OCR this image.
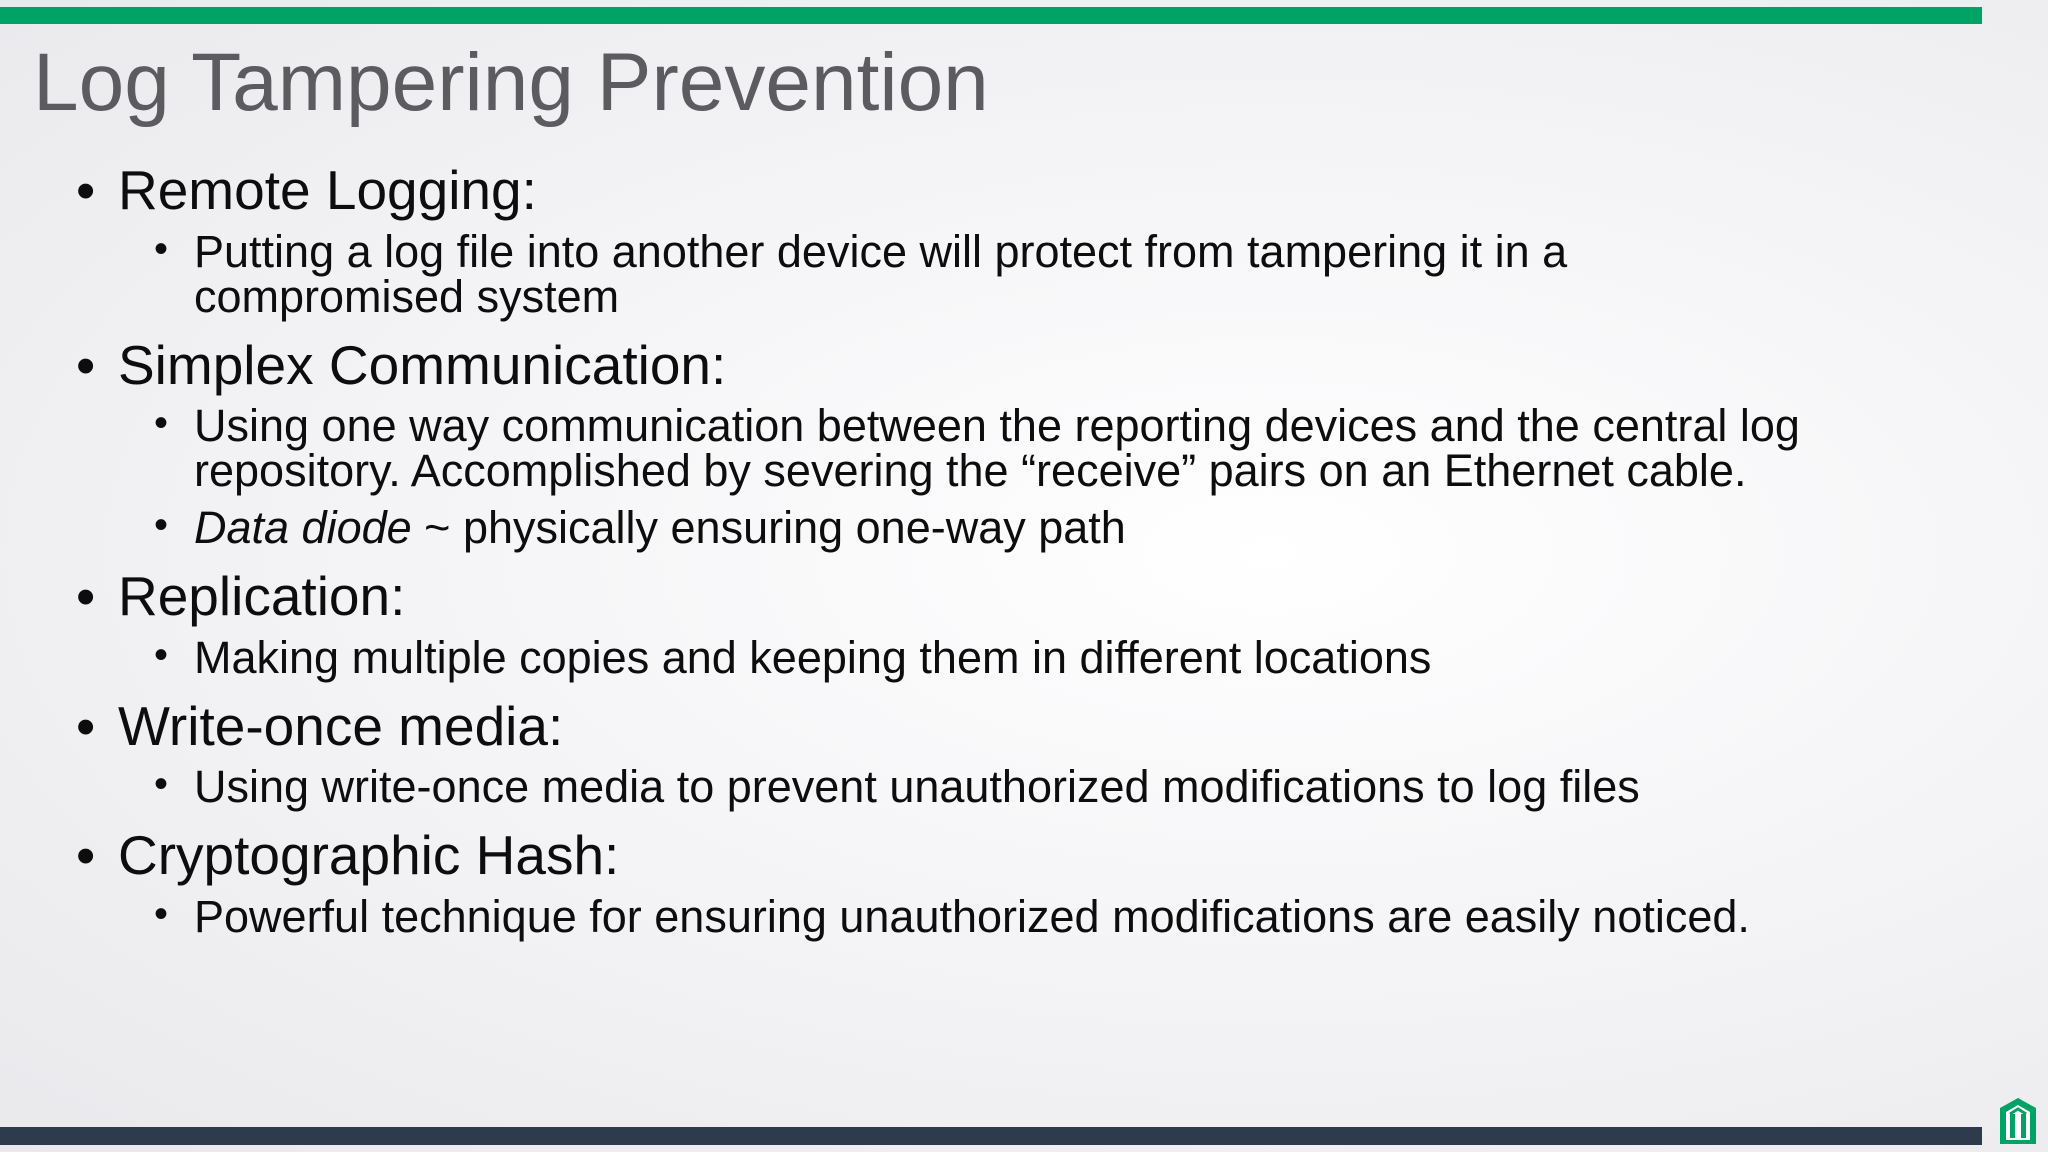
Log Tampering Prevention
• Remote Logging:
• Putting a log file into another device will protect from tampering it in a compromised system
• Simplex Communication:
• Using one way communication between the reporting devices and the central log repository. Accomplished by severing the “receive” pairs on an Ethernet cable.
• Data diode ~ physically ensuring one-way path
• Replication:
• Making multiple copies and keeping them in different locations
• Write-once media:
• Using write-once media to prevent unauthorized modifications to log files
• Cryptographic Hash:
• Powerful technique for ensuring unauthorized modifications are easily noticed.
